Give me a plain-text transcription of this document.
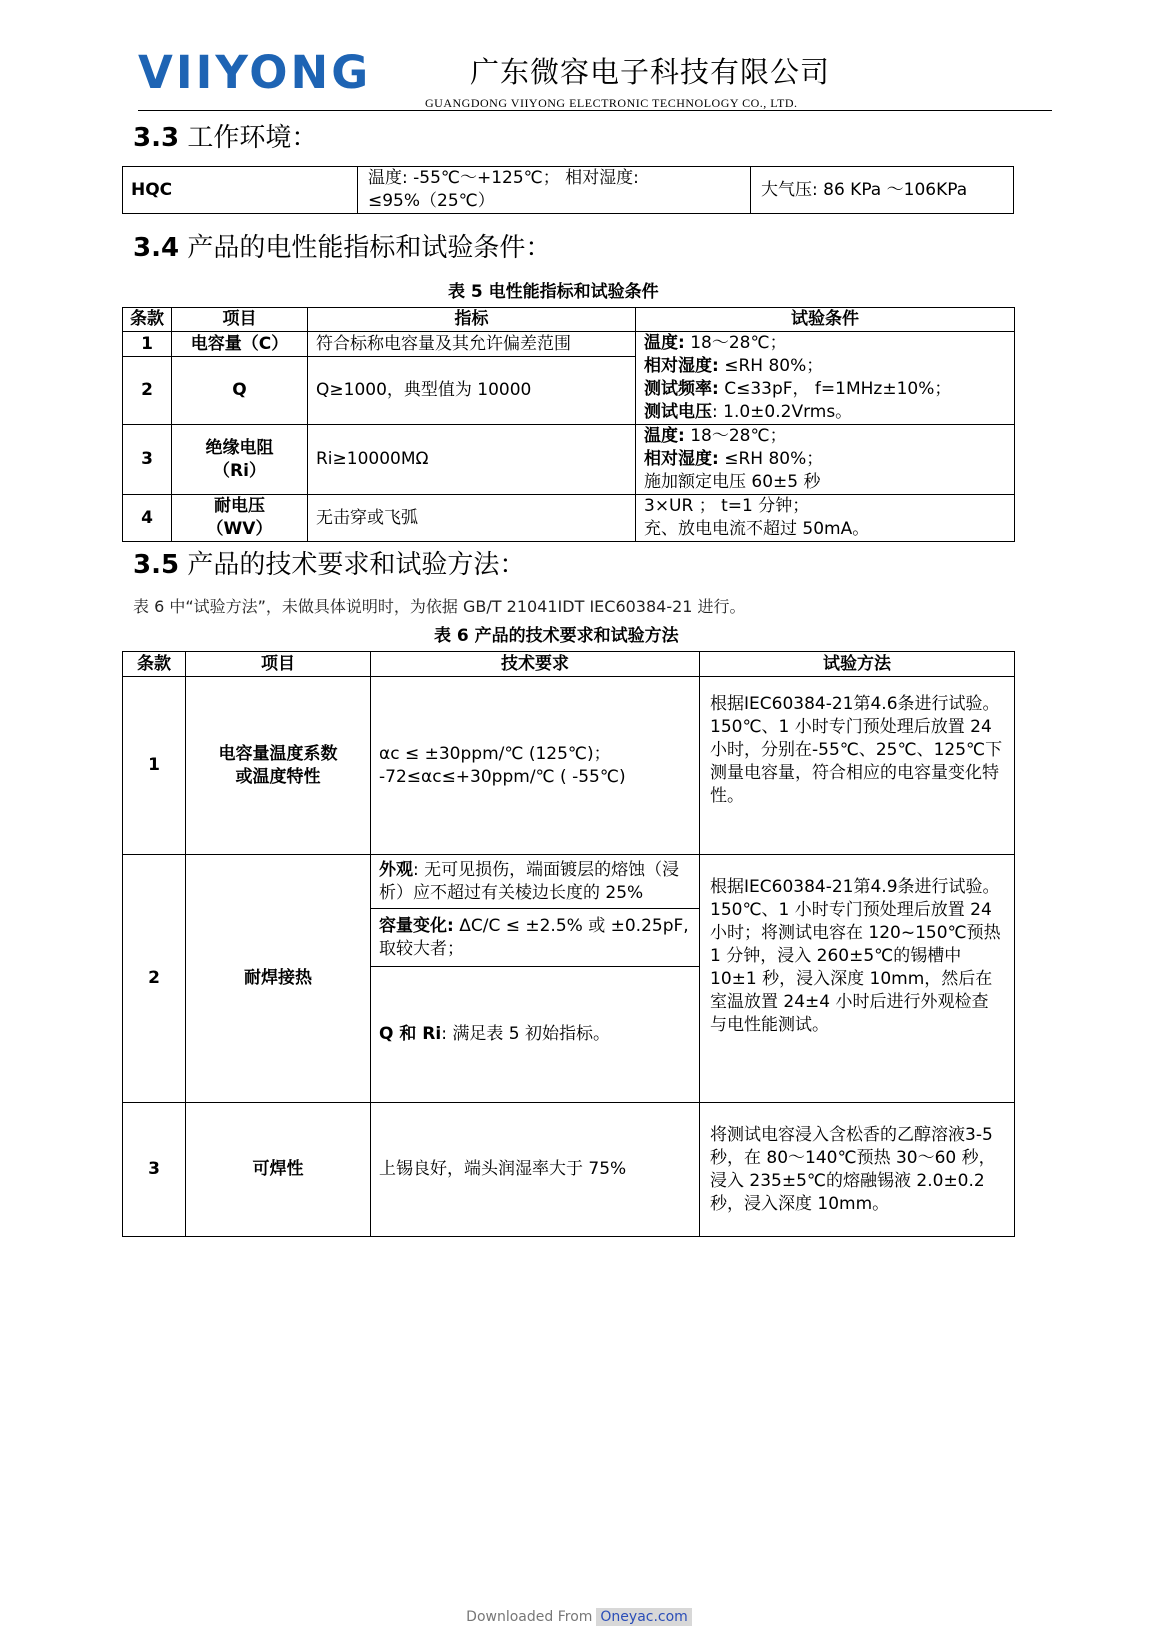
VIIYONG	广东微容电子科技有限公司
GUANGDONG VIIYONG ELECTRONIC TECHNOLOGY CO., LTD.
3.3 工作环境：
HQC	温度: -55℃～+125℃； 相对湿度: ≤95%（25℃）	大气压: 86 KPa ～106KPa
3.4 产品的电性能指标和试验条件：
表 5 电性能指标和试验条件
条款	项目	指标	试验条件
1	电容量（C）	符合标称电容量及其允许偏差范围	温度: 18～28℃；
相对湿度: ≤RH 80%；
测试频率: C≤33pF， f=1MHz±10%；
测试电压: 1.0±0.2Vrms。

2	Q	Q≥1000，典型值为 10000	
3	绝缘电阻
（Ri）	Ri≥10000MΩ	温度: 18～28℃；
相对湿度: ≤RH 80%；
施加额定电压 60±5 秒

4	耐电压
（WV）	无击穿或飞弧	3×UR ； t=1 分钟；
充、放电电流不超过 50mA。
3.5 产品的技术要求和试验方法：
表 6 中“试验方法”，未做具体说明时，为依据 GB/T 21041IDT IEC60384-21 进行。
表 6 产品的技术要求和试验方法
条款	项目	技术要求	试验方法
1	电容量温度系数
或温度特性	αc ≤ ±30ppm/℃ (125℃)；
-72≤αc≤+30ppm/℃ ( -55℃)	根据IEC60384-21第4.6条进行试验。150℃、1 小时专门预处理后放置 24 小时，分别在-55℃、25℃、125℃下测量电容量，符合相应的电容量变化特性。

2	耐焊接热	外观: 无可见损伤，端面镀层的熔蚀（浸析）应不超过有关棱边长度的 25%	根据IEC60384-21第4.9条进行试验。150℃、1 小时专门预处理后放置 24小时；将测试电容在 120~150℃预热 1 分钟，浸入 260±5℃的锡槽中 10±1 秒，浸入深度 10mm，然后在室温放置 24±4 小时后进行外观检查与电性能测试。

		容量变化: ΔC/C ≤ ±2.5% 或 ±0.25pF,取较大者；	

		Q 和 Ri: 满足表 5 初始指标。	

3	可焊性	上锡良好，端头润湿率大于 75%	将测试电容浸入含松香的乙醇溶液3-5 秒，在 80～140℃预热 30～60 秒，浸入 235±5℃的熔融锡液 2.0±0.2 秒，浸入深度 10mm。
Downloaded From Oneyac.com
